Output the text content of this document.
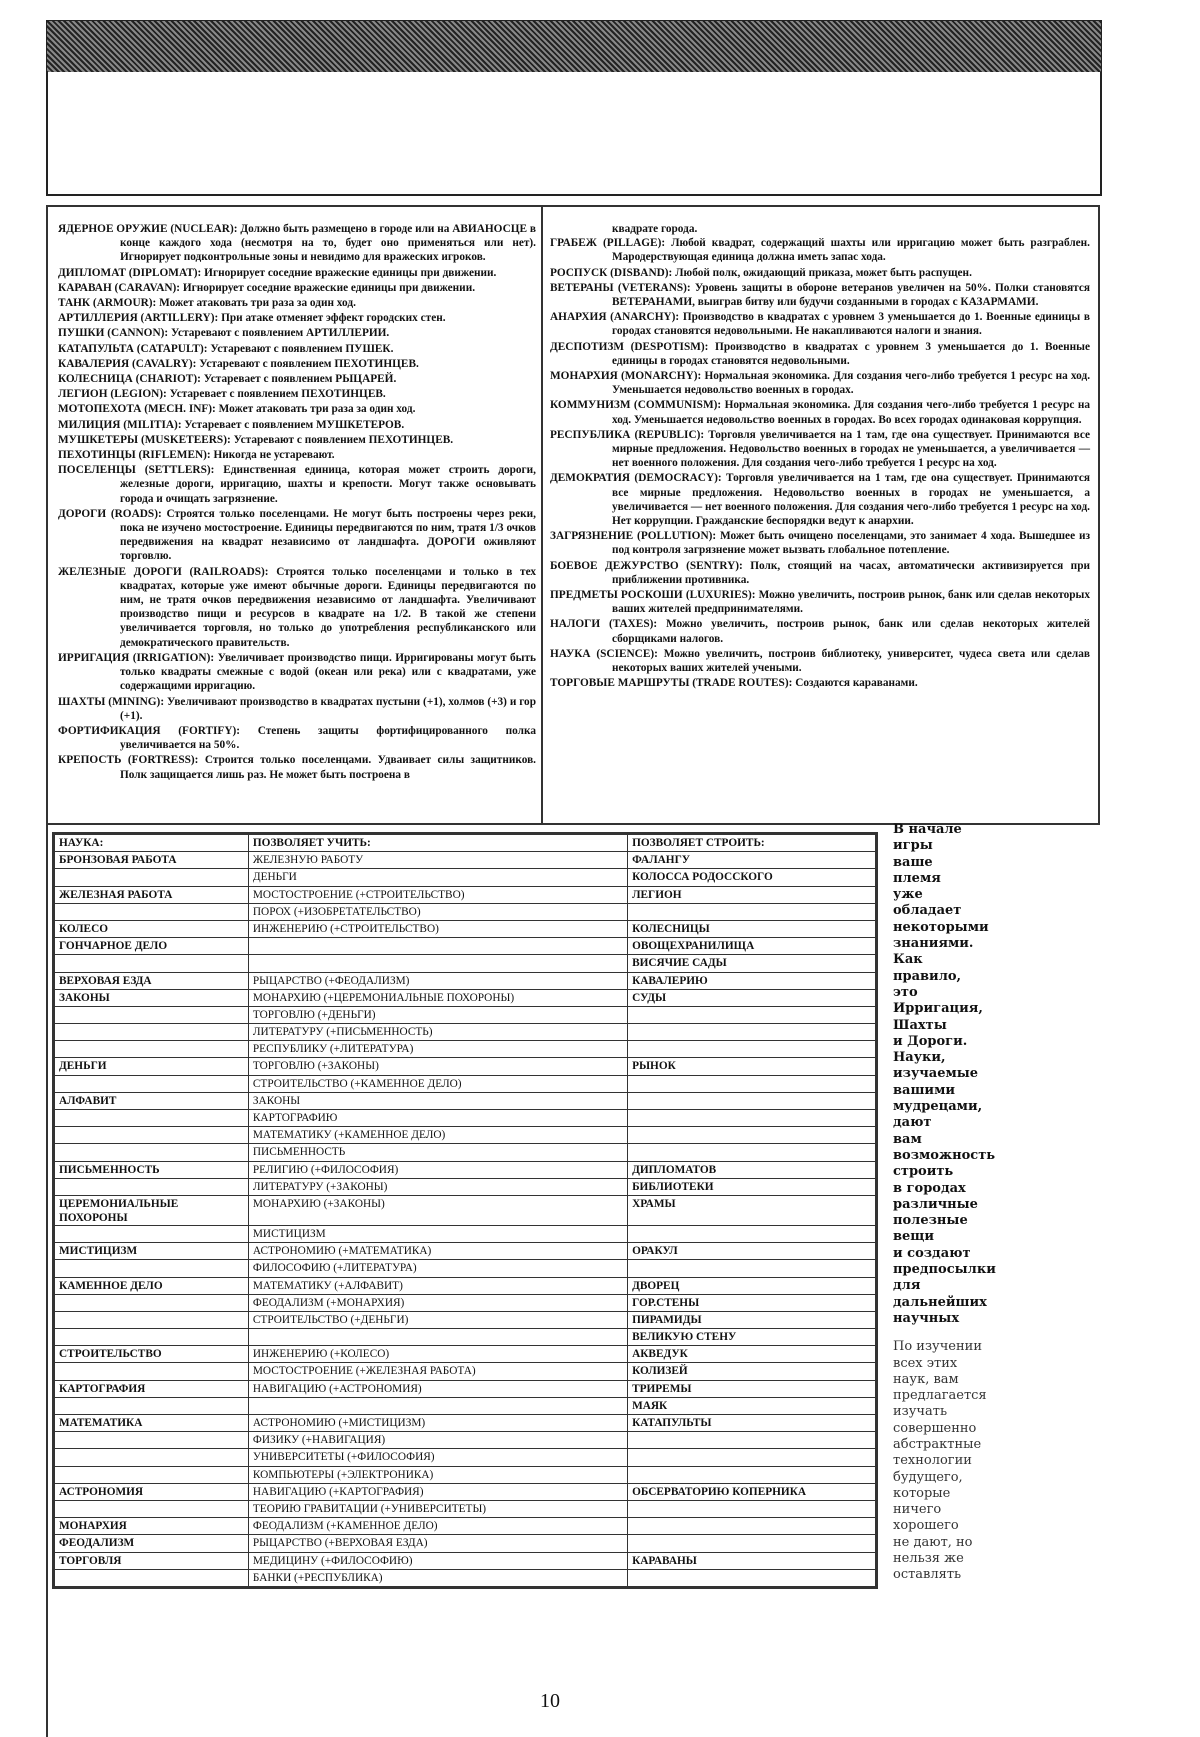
ЯДЕРНОЕ ОРУЖИЕ (NUCLEAR): Должно быть размещено в городе или на АВИАНОСЦЕ в конце каждого хода (несмотря на то, будет оно применяться или нет). Игнорирует подконтрольные зоны и невидимо для вражеских игроков.
ДИПЛОМАТ (DIPLOMAT): Игнорирует соседние вражеские единицы при движении.
КАРАВАН (CARAVAN): Игнорирует соседние вражеские единицы при движении.
ТАНК (ARMOUR): Может атаковать три раза за один ход.
АРТИЛЛЕРИЯ (ARTILLERY): При атаке отменяет эффект городских стен.
ПУШКИ (CANNON): Устаревают с появлением АРТИЛЛЕРИИ.
КАТАПУЛЬТА (CATAPULT): Устаревают с появлением ПУШЕК.
КАВАЛЕРИЯ (CAVALRY): Устаревают с появлением ПЕХОТИНЦЕВ.
КОЛЕСНИЦА (CHARIOT): Устаревает с появлением РЫЦАРЕЙ.
ЛЕГИОН (LEGION): Устаревает с появлением ПЕХОТИНЦЕВ.
МОТОПЕХОТА (MECH. INF): Может атаковать три раза за один ход.
МИЛИЦИЯ (MILITIA): Устаревает с появлением МУШКЕТЕРОВ.
МУШКЕТЕРЫ (MUSKETEERS): Устаревают с появлением ПЕХОТИНЦЕВ.
ПЕХОТИНЦЫ (RIFLEMEN): Никогда не устаревают.
ПОСЕЛЕНЦЫ (SETTLERS): Единственная единица, которая может строить дороги, железные дороги, ирригацию, шахты и крепости. Могут также основывать города и очищать загрязнение.
ДОРОГИ (ROADS): Строятся только поселенцами. Не могут быть построены через реки, пока не изучено мостостроение. Единицы передвигаются по ним, тратя 1/3 очков передвижения на квадрат независимо от ландшафта. ДОРОГИ оживляют торговлю.
ЖЕЛЕЗНЫЕ ДОРОГИ (RAILROADS): Строятся только поселенцами и только в тех квадратах, которые уже имеют обычные дороги. Единицы передвигаются по ним, не тратя очков передвижения независимо от ландшафта. Увеличивают производство пищи и ресурсов в квадрате на 1/2. В такой же степени увеличивается торговля, но только до употребления республиканского или демократического правительств.
ИРРИГАЦИЯ (IRRIGATION): Увеличивает производство пищи. Ирригированы могут быть только квадраты смежные с водой (океан или река) или с квадратами, уже содержащими ирригацию.
ШАХТЫ (MINING): Увеличивают производство в квадратах пустыни (+1), холмов (+3) и гор (+1).
ФОРТИФИКАЦИЯ (FORTIFY): Степень защиты фортифицированного полка увеличивается на 50%.
КРЕПОСТЬ (FORTRESS): Строится только поселенцами. Удваивает силы защитников. Полк защищается лишь раз. Не может быть построена в
квадрате города.
ГРАБЕЖ (PILLAGE): Любой квадрат, содержащий шахты или ирригацию может быть разграблен. Мародерствующая единица должна иметь запас хода.
РОСПУСК (DISBAND): Любой полк, ожидающий приказа, может быть распущен.
ВЕТЕРАНЫ (VETERANS): Уровень защиты в обороне ветеранов увеличен на 50%. Полки становятся ВЕТЕРАНАМИ, выиграв битву или будучи созданными в городах с КАЗАРМАМИ.
АНАРХИЯ (ANARCHY): Производство в квадратах с уровнем 3 уменьшается до 1. Военные единицы в городах становятся недовольными. Не накапливаются налоги и знания.
ДЕСПОТИЗМ (DESPOTISM): Производство в квадратах с уровнем 3 уменьшается до 1. Военные единицы в городах становятся недовольными.
МОНАРХИЯ (MONARCHY): Нормальная экономика. Для создания чего-либо требуется 1 ресурс на ход. Уменьшается недовольство военных в городах.
КОММУНИЗМ (COMMUNISM): Нормальная экономика. Для создания чего-либо требуется 1 ресурс на ход. Уменьшается недовольство военных в городах. Во всех городах одинаковая коррупция.
РЕСПУБЛИКА (REPUBLIC): Торговля увеличивается на 1 там, где она существует. Принимаются все мирные предложения. Недовольство военных в городах не уменьшается, а увеличивается — нет военного положения. Для создания чего-либо требуется 1 ресурс на ход.
ДЕМОКРАТИЯ (DEMOCRACY): Торговля увеличивается на 1 там, где она существует. Принимаются все мирные предложения. Недовольство военных в городах не уменьшается, а увеличивается — нет военного положения. Для создания чего-либо требуется 1 ресурс на ход. Нет коррупции. Гражданские беспорядки ведут к анархии.
ЗАГРЯЗНЕНИЕ (POLLUTION): Может быть очищено поселенцами, это занимает 4 хода. Вышедшее из под контроля загрязнение может вызвать глобальное потепление.
БОЕВОЕ ДЕЖУРСТВО (SENTRY): Полк, стоящий на часах, автоматически активизируется при приближении противника.
ПРЕДМЕТЫ РОСКОШИ (LUXURIES): Можно увеличить, построив рынок, банк или сделав некоторых ваших жителей предпринимателями.
НАЛОГИ (TAXES): Можно увеличить, построив рынок, банк или сделав некоторых жителей сборщиками налогов.
НАУКА (SCIENCE): Можно увеличить, построив библиотеку, университет, чудеса света или сделав некоторых ваших жителей учеными.
ТОРГОВЫЕ МАРШРУТЫ (TRADE ROUTES): Создаются караванами.
НАУКА:	ПОЗВОЛЯЕТ УЧИТЬ:	ПОЗВОЛЯЕТ СТРОИТЬ:
БРОНЗОВАЯ РАБОТА	ЖЕЛЕЗНУЮ РАБОТУ	ФАЛАНГУ
	ДЕНЬГИ	КОЛОССА РОДОССКОГО
ЖЕЛЕЗНАЯ РАБОТА	МОСТОСТРОЕНИЕ (+СТРОИТЕЛЬСТВО)	ЛЕГИОН
	ПОРОХ (+ИЗОБРЕТАТЕЛЬСТВО)	
КОЛЕСО	ИНЖЕНЕРИЮ (+СТРОИТЕЛЬСТВО)	КОЛЕСНИЦЫ
ГОНЧАРНОЕ ДЕЛО		ОВОЩЕХРАНИЛИЩА
		ВИСЯЧИЕ САДЫ
ВЕРХОВАЯ ЕЗДА	РЫЦАРСТВО (+ФЕОДАЛИЗМ)	КАВАЛЕРИЮ
ЗАКОНЫ	МОНАРХИЮ (+ЦЕРЕМОНИАЛЬНЫЕ ПОХОРОНЫ)	СУДЫ
	ТОРГОВЛЮ (+ДЕНЬГИ)	
	ЛИТЕРАТУРУ (+ПИСЬМЕННОСТЬ)	
	РЕСПУБЛИКУ (+ЛИТЕРАТУРА)	
ДЕНЬГИ	ТОРГОВЛЮ (+ЗАКОНЫ)	РЫНОК
	СТРОИТЕЛЬСТВО (+КАМЕННОЕ ДЕЛО)	
АЛФАВИТ	ЗАКОНЫ	
	КАРТОГРАФИЮ	
	МАТЕМАТИКУ (+КАМЕННОЕ ДЕЛО)	
	ПИСЬМЕННОСТЬ	
ПИСЬМЕННОСТЬ	РЕЛИГИЮ (+ФИЛОСОФИЯ)	ДИПЛОМАТОВ
	ЛИТЕРАТУРУ (+ЗАКОНЫ)	БИБЛИОТЕКИ
ЦЕРЕМОНИАЛЬНЫЕ ПОХОРОНЫ	МОНАРХИЮ (+ЗАКОНЫ)	ХРАМЫ
	МИСТИЦИЗМ	
МИСТИЦИЗМ	АСТРОНОМИЮ (+МАТЕМАТИКА)	ОРАКУЛ
	ФИЛОСОФИЮ (+ЛИТЕРАТУРА)	
КАМЕННОЕ ДЕЛО	МАТЕМАТИКУ (+АЛФАВИТ)	ДВОРЕЦ
	ФЕОДАЛИЗМ (+МОНАРХИЯ)	ГОР.СТЕНЫ
	СТРОИТЕЛЬСТВО (+ДЕНЬГИ)	ПИРАМИДЫ
		ВЕЛИКУЮ СТЕНУ
СТРОИТЕЛЬСТВО	ИНЖЕНЕРИЮ (+КОЛЕСО)	АКВЕДУК
	МОСТОСТРОЕНИЕ (+ЖЕЛЕЗНАЯ РАБОТА)	КОЛИЗЕЙ
КАРТОГРАФИЯ	НАВИГАЦИЮ (+АСТРОНОМИЯ)	ТРИРЕМЫ
		МАЯК
МАТЕМАТИКА	АСТРОНОМИЮ (+МИСТИЦИЗМ)	КАТАПУЛЬТЫ
	ФИЗИКУ (+НАВИГАЦИЯ)	
	УНИВЕРСИТЕТЫ (+ФИЛОСОФИЯ)	
	КОМПЬЮТЕРЫ (+ЭЛЕКТРОНИКА)	
АСТРОНОМИЯ	НАВИГАЦИЮ (+КАРТОГРАФИЯ)	ОБСЕРВАТОРИЮ КОПЕРНИКА
	ТЕОРИЮ ГРАВИТАЦИИ (+УНИВЕРСИТЕТЫ)	
МОНАРХИЯ	ФЕОДАЛИЗМ (+КАМЕННОЕ ДЕЛО)	
ФЕОДАЛИЗМ	РЫЦАРСТВО (+ВЕРХОВАЯ ЕЗДА)	
ТОРГОВЛЯ	МЕДИЦИНУ (+ФИЛОСОФИЮ)	КАРАВАНЫ
	БАНКИ (+РЕСПУБЛИКА)	
В начале
игры
ваше
племя
уже
обладает
некоторыми
знаниями.
Как
правило,
это
Ирригация,
Шахты
и Дороги.
Науки,
изучаемые
вашими
мудрецами,
дают
вам
возможность
строить
в городах
различные
полезные
вещи
и создают
предпосылки
для
дальнейших
научных
По изучении
всех этих
наук, вам
предлагается
изучать
совершенно
абстрактные
технологии
будущего,
которые
ничего
хорошего
не дают, но
нельзя же
оставлять
10
